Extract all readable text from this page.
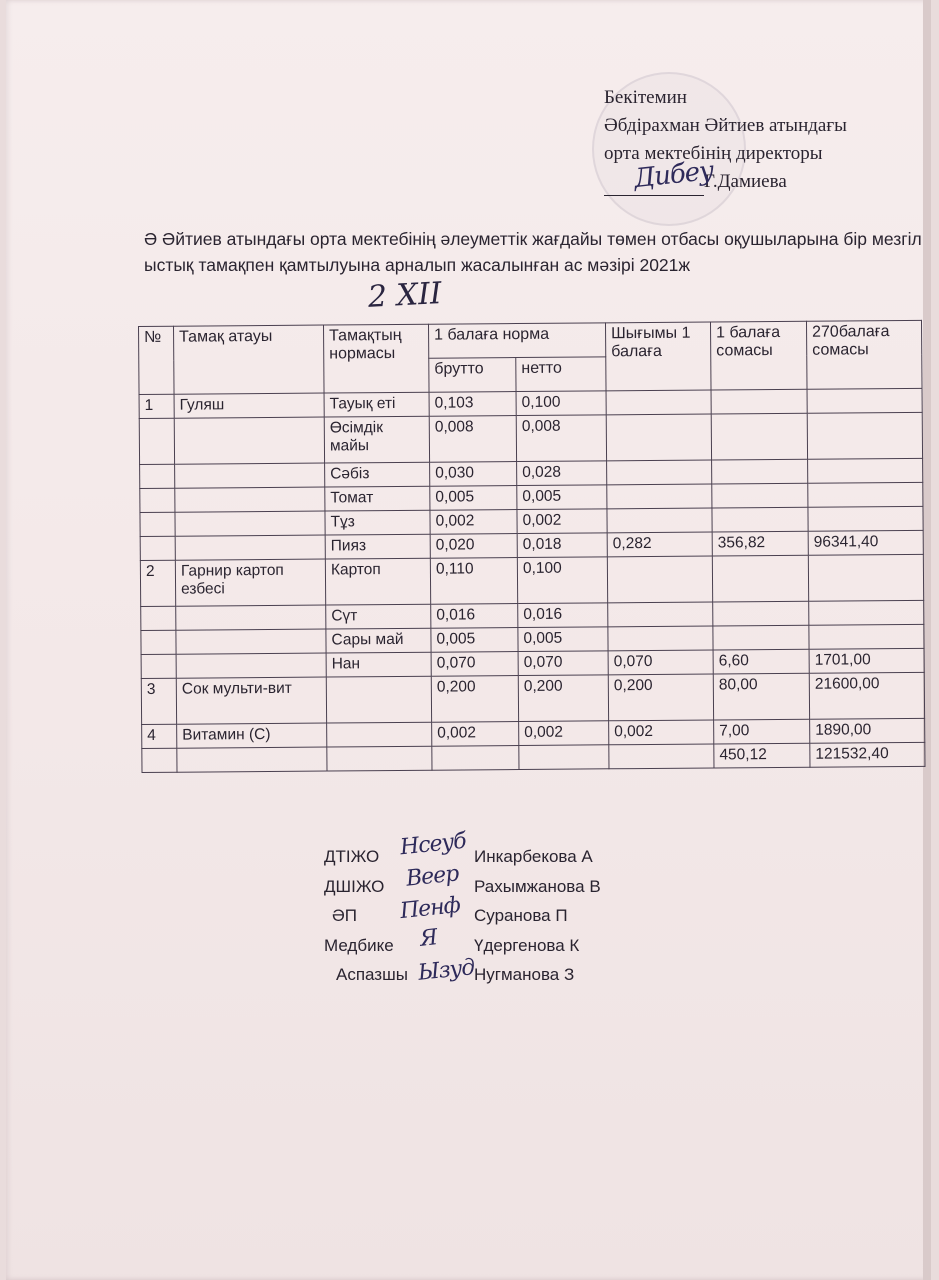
Бекітемин
Әбдірахман Әйтиев атындағы
орта мектебінің директоры
Г.Дамиева
Дибеу
Ә Әйтиев атындағы орта мектебінің әлеуметтік жағдайы төмен отбасы оқушыларына бір мезгіл ыстық тамақпен қамтылуына арналып жасалынған ас мәзірі 2021ж
2 XII
№	Тамақ атауы	Тамақтың нормасы	1 балаға норма		Шығымы 1 балаға	1 балаға сомасы	270балаға сомасы
			брутто	нетто			
1	Гуляш	Тауық еті	0,103	0,100			
		Өсімдік майы	0,008	0,008			
		Сәбіз	0,030	0,028			
		Томат	0,005	0,005			
		Тұз	0,002	0,002			
		Пияз	0,020	0,018	0,282	356,82	96341,40
2	Гарнир картоп езбесі	Картоп	0,110	0,100			
		Сүт	0,016	0,016			
		Сары май	0,005	0,005			
		Нан	0,070	0,070	0,070	6,60	1701,00
3	Сок мульти-вит		0,200	0,200	0,200	80,00	21600,00
4	Витамин (С)		0,002	0,002	0,002	7,00	1890,00
						450,12	121532,40
ДТІЖО	Инкарбекова А
ДШІЖО	Рахымжанова В
ӘП	Суранова П
Медбике	Үдергенова К
Аспазшы	Нугманова З
Нсеуб
Веер
Пенф
Я
Ызуд
